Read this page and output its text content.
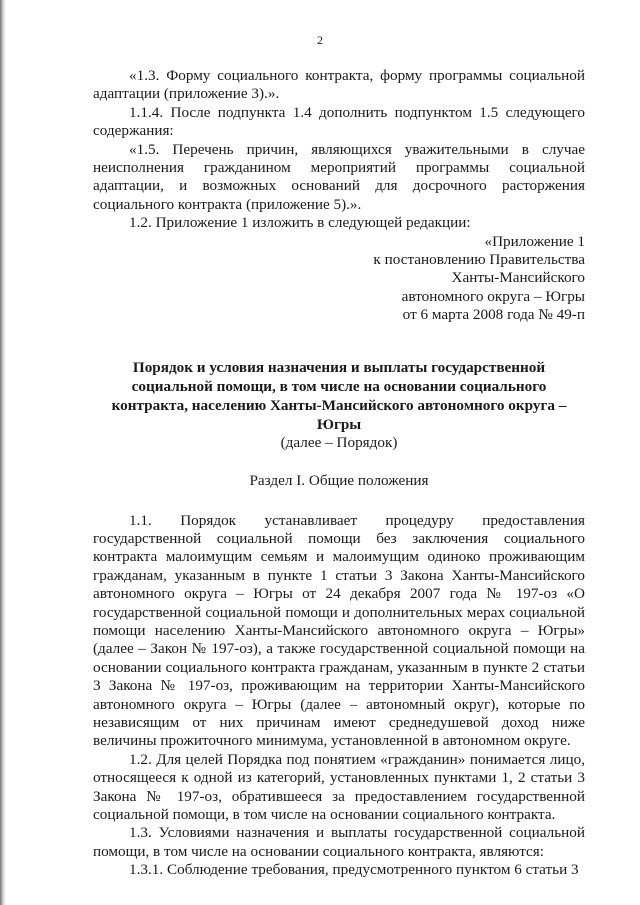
2

«1.3. Форму социального контракта, форму программы социальной адаптации (приложение 3).».

1.1.4. После подпункта 1.4 дополнить подпунктом 1.5 следующего содержания:

«1.5. Перечень причин, являющихся уважительными в случае неисполнения гражданином мероприятий программы социальной адаптации, и возможных оснований для досрочного расторжения социального контракта (приложение 5).».

1.2. Приложение 1 изложить в следующей редакции:

«Приложение 1

к постановлению Правительства

Ханты-Мансийского

автономного округа – Югры

от 6 марта 2008 года № 49-п

Порядок и условия назначения и выплаты государственной социальной помощи, в том числе на основании социального контракта, населению Ханты-Мансийского автономного округа – Югры

(далее – Порядок)

Раздел I. Общие положения

1.1. Порядок устанавливает процедуру предоставления государственной социальной помощи без заключения социального контракта малоимущим семьям и малоимущим одиноко проживающим гражданам, указанным в пункте 1 статьи 3 Закона Ханты-Мансийского автономного округа – Югры от 24 декабря 2007 года № 197-оз «О государственной социальной помощи и дополнительных мерах социальной помощи населению Ханты-Мансийского автономного округа – Югры» (далее – Закон № 197-оз), а также государственной социальной помощи на основании социального контракта гражданам, указанным в пункте 2 статьи 3 Закона № 197-оз, проживающим на территории Ханты-Мансийского автономного округа – Югры (далее – автономный округ), которые по независящим от них причинам имеют среднедушевой доход ниже величины прожиточного минимума, установленной в автономном округе.

1.2. Для целей Порядка под понятием «гражданин» понимается лицо, относящееся к одной из категорий, установленных пунктами 1, 2 статьи 3 Закона № 197-оз, обратившееся за предоставлением государственной социальной помощи, в том числе на основании социального контракта.

1.3. Условиями назначения и выплаты государственной социальной помощи, в том числе на основании социального контракта, являются:

1.3.1. Соблюдение требования, предусмотренного пунктом 6 статьи 3
